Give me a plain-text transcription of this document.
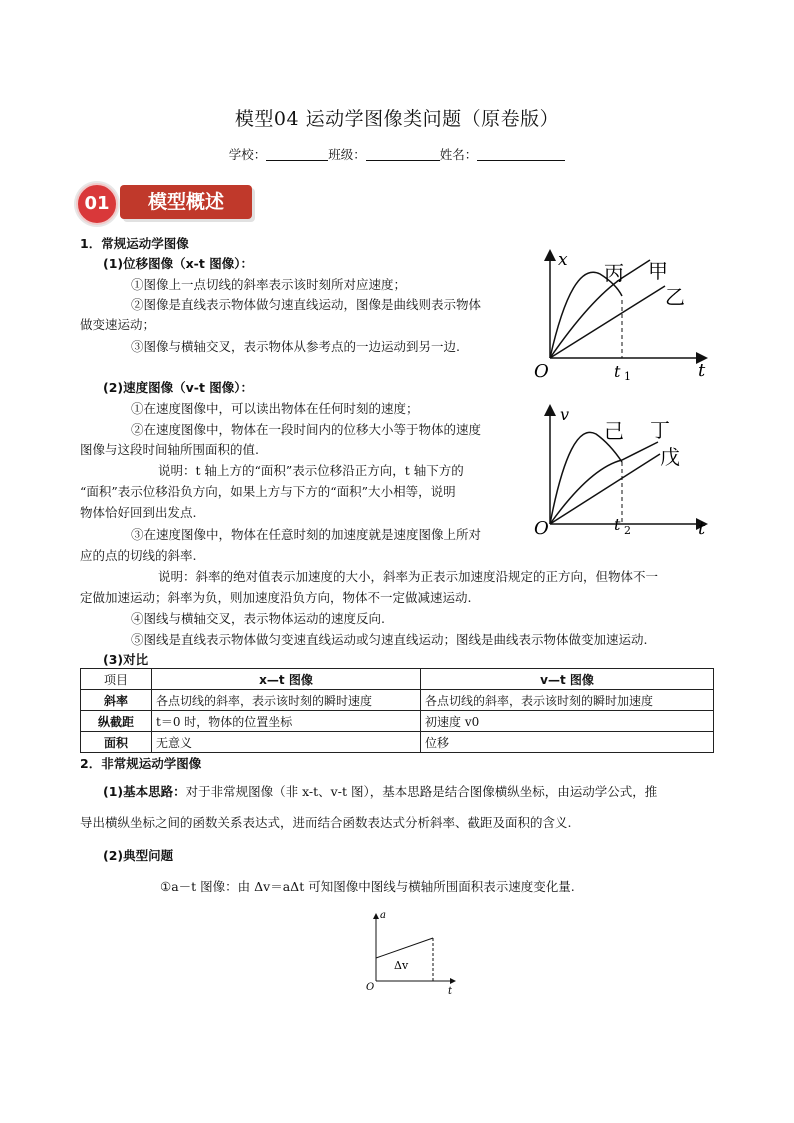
模型04 运动学图像类问题（原卷版）
学校：	班级：	姓名：
01	模型概述
1．常规运动学图像
(1)位移图像（x-t 图像）：
①图像上一点切线的斜率表示该时刻所对应速度；
②图像是直线表示物体做匀速直线运动，图像是曲线则表示物体
做变速运动；
③图像与横轴交叉，表示物体从参考点的一边运动到另一边.
(2)速度图像（v-t 图像）：
①在速度图像中，可以读出物体在任何时刻的速度；
②在速度图像中，物体在一段时间内的位移大小等于物体的速度
图像与这段时间轴所围面积的值.
说明：t 轴上方的“面积”表示位移沿正方向，t 轴下方的
“面积”表示位移沿负方向，如果上方与下方的“面积”大小相等，说明
物体恰好回到出发点.
③在速度图像中，物体在任意时刻的加速度就是速度图像上所对
应的点的切线的斜率.
说明：斜率的绝对值表示加速度的大小，斜率为正表示加速度沿规定的正方向，但物体不一
定做加速运动；斜率为负，则加速度沿负方向，物体不一定做减速运动.
④图线与横轴交叉，表示物体运动的速度反向.
⑤图线是直线表示物体做匀变速直线运动或匀速直线运动；图线是曲线表示物体做变加速运动.
(3)对比
项目	x—t 图像	v—t 图像
斜率	各点切线的斜率，表示该时刻的瞬时速度	各点切线的斜率，表示该时刻的瞬时加速度
纵截距	t＝0 时，物体的位置坐标	初速度 v0
面积	无意义	位移
2．非常规运动学图像
(1)基本思路：对于非常规图像（非 x-t、v-t 图），基本思路是结合图像横纵坐标，由运动学公式，推
导出横纵坐标之间的函数关系表达式，进而结合函数表达式分析斜率、截距及面积的含义.
(2)典型问题
①a－t 图像：由 Δv＝aΔt 可知图像中图线与横轴所围面积表示速度变化量.
x
t
O	t 1
丙 甲
乙
v
t
O	t 2
己 丁
戊
a
t
O
Δv
